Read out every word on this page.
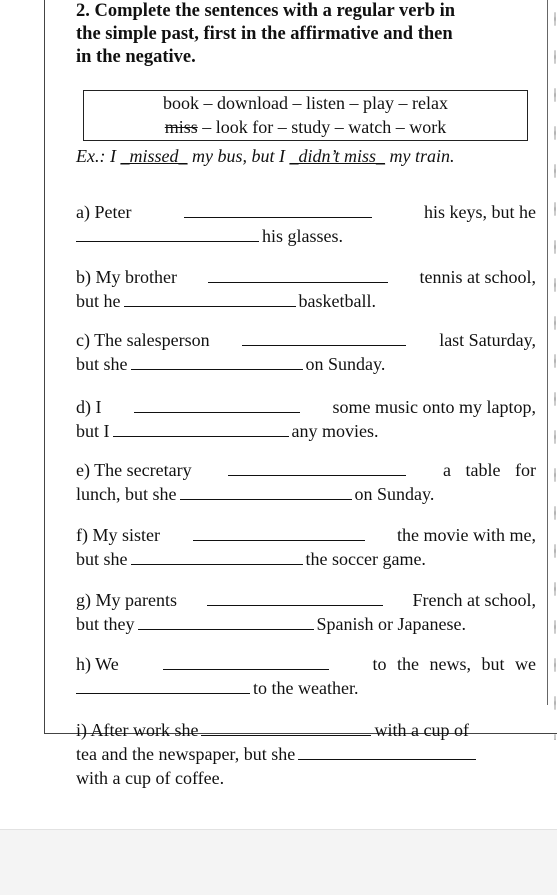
2. Complete the sentences with a regular verb in
the simple past, first in the affirmative and then
in the negative.
book – download – listen – play – relax
miss – look for – study – watch – work
Ex.: I _missed_ my bus, but I _didn’t miss_ my train.
a) Peter	his keys, but he
his glasses.
b) My brother	tennis at school,
but he	basketball.
c) The salesperson	last Saturday,
but she	on Sunday.
d) I	some music onto my laptop,
but I	any movies.
e) The secretary	a table for
lunch, but she	on Sunday.
f) My sister	the movie with me,
but she	the soccer game.
g) My parents	French at school,
but they	Spanish or Japanese.
h) We	to the news, but we
to the weather.
i) After work she	with a cup of
tea and the newspaper, but she
with a cup of coffee.
